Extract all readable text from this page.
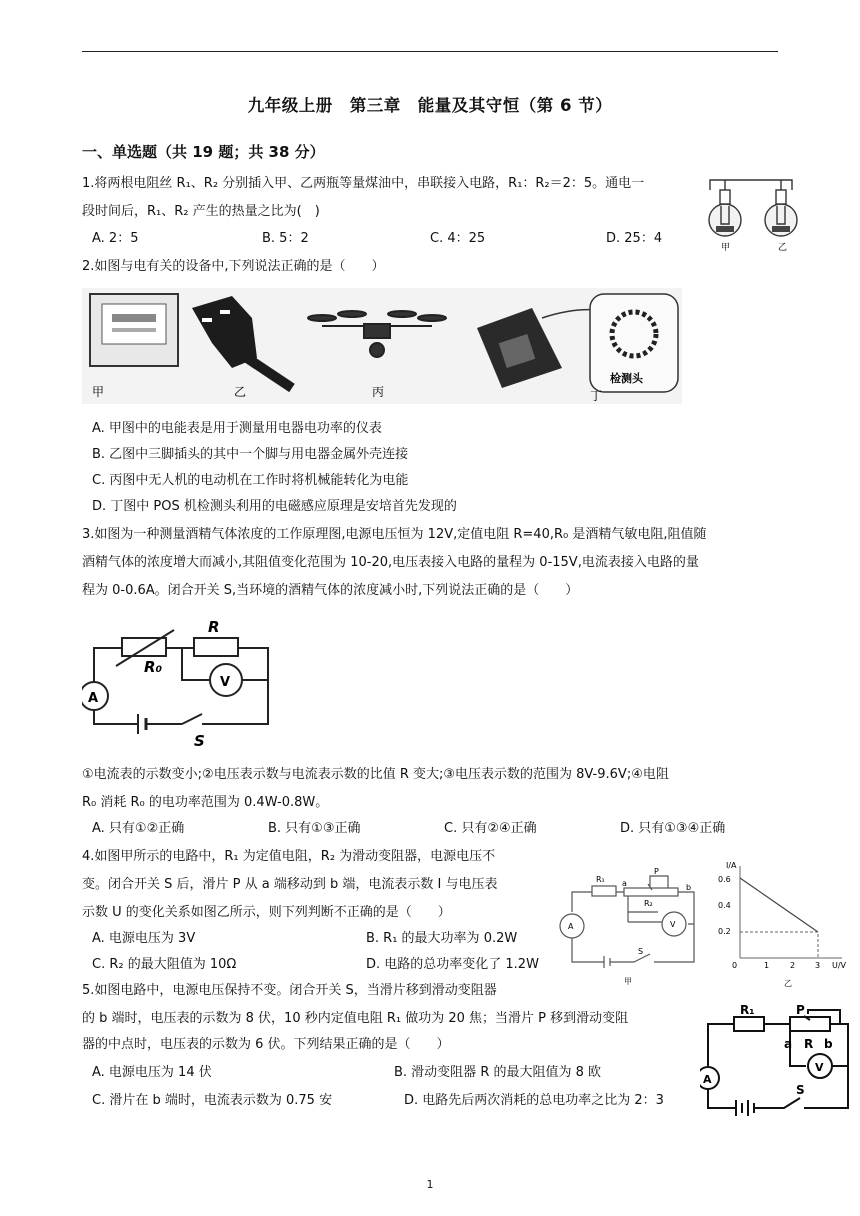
九年级上册　第三章　能量及其守恒（第 6 节）
一、单选题（共 19 题；共 38 分）
1.将两根电阻丝 R₁、R₂ 分别插入甲、乙两瓶等量煤油中，串联接入电路，R₁：R₂＝2：5。通电一
段时间后，R₁、R₂ 产生的热量之比为(　)
A. 2：5	B. 5：2	C. 4：25	D. 25：4
甲	乙
2.如图与电有关的设备中,下列说法正确的是（　　）
甲	乙	丙
检测头
丁
A. 甲图中的电能表是用于测量用电器电功率的仪表
B. 乙图中三脚插头的其中一个脚与用电器金属外壳连接
C. 丙图中无人机的电动机在工作时将机械能转化为电能
D. 丁图中 POS 机检测头利用的电磁感应原理是安培首先发现的
3.如图为一种测量酒精气体浓度的工作原理图,电源电压恒为 12V,定值电阻 R=40,R₀ 是酒精气敏电阻,阻值随
酒精气体的浓度增大而减小,其阻值变化范围为 10-20,电压表接入电路的量程为 0-15V,电流表接入电路的量
程为 0-0.6A。闭合开关 S,当环境的酒精气体的浓度减小时,下列说法正确的是（　　）
R
R₀
A
V
S
①电流表的示数变小;②电压表示数与电流表示数的比值 R 变大;③电压表示数的范围为 8V-9.6V;④电阻
R₀ 消耗 R₀ 的电功率范围为 0.4W-0.8W。
A. 只有①②正确	B. 只有①③正确	C. 只有②④正确	D. 只有①③④正确
4.如图甲所示的电路中，R₁ 为定值电阻，R₂ 为滑动变阻器，电源电压不
变。闭合开关 S 后，滑片 P 从 a 端移动到 b 端，电流表示数 I 与电压表
示数 U 的变化关系如图乙所示，则下列判断不正确的是（　　）
A. 电源电压为 3V	B. R₁ 的最大功率为 0.2W
C. R₂ 的最大阻值为 10Ω	D. 电路的总功率变化了 1.2W
R₁
P
a	b
R₂
A	V
S
甲
I/A
0.6
0.4
0.2
0	1	2 3 U/V
乙
5.如图电路中，电源电压保持不变。闭合开关 S，当滑片移到滑动变阻器
的 b 端时，电压表的示数为 8 伏，10 秒内定值电阻 R₁ 做功为 20 焦；当滑片 P 移到滑动变阻
器的中点时，电压表的示数为 6 伏。下列结果正确的是（　　）
A. 电源电压为 14 伏	B. 滑动变阻器 R 的最大阻值为 8 欧
C. 滑片在 b 端时，电流表示数为 0.75 安	D. 电路先后两次消耗的总电功率之比为 2：3
R₁	P
a R b
A
V
S
1
